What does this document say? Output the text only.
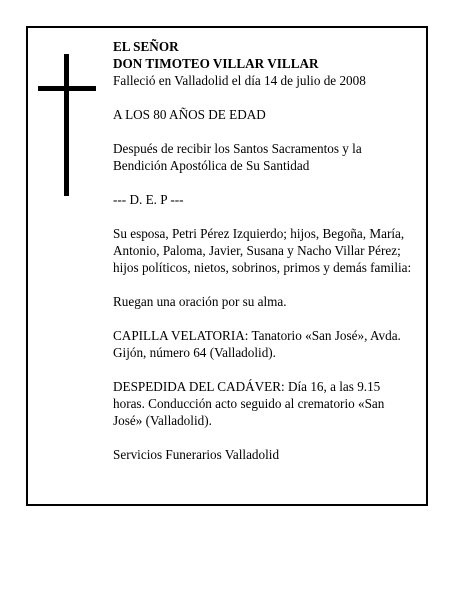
EL SEÑOR
DON TIMOTEO VILLAR VILLAR
Falleció en Valladolid el día 14 de julio de 2008
A LOS 80 AÑOS DE EDAD
Después de recibir los Santos Sacramentos y la
Bendición Apostólica de Su Santidad
--- D. E. P ---
Su esposa, Petri Pérez Izquierdo; hijos, Begoña, María,
Antonio, Paloma, Javier, Susana y Nacho Villar Pérez;
hijos políticos, nietos, sobrinos, primos y demás familia:
Ruegan una oración por su alma.
CAPILLA VELATORIA: Tanatorio «San José», Avda.
Gijón, número 64 (Valladolid).
DESPEDIDA DEL CADÁVER: Día 16, a las 9.15
horas. Conducción acto seguido al crematorio «San
José» (Valladolid).
Servicios Funerarios Valladolid
